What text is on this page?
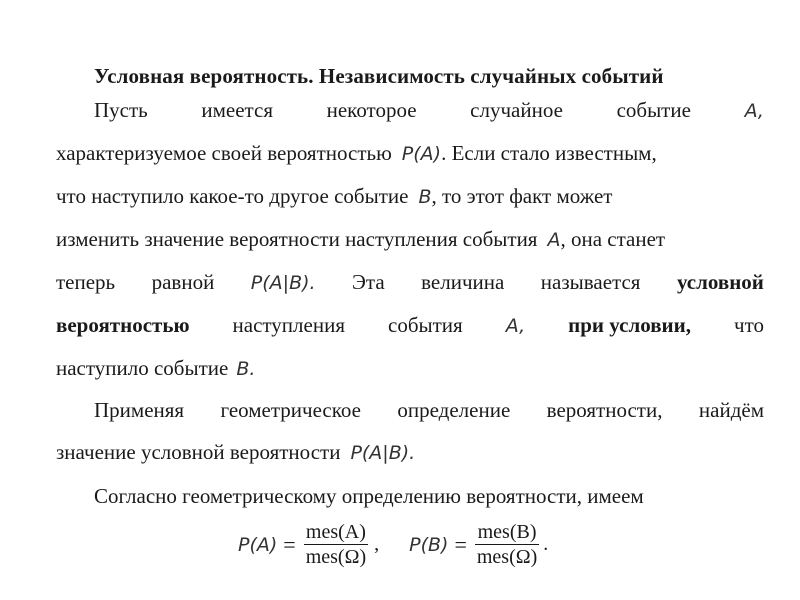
Условная вероятность. Независимость случайных событий
Пусть	имеется	некоторое	случайное	событие	A,
характеризуемое своей вероятностью P(A) . Если стало известным,
что наступило какое-то другое событие B , то этот факт может
изменить значение вероятности наступления события A , она станет
теперь равной P(A|B). Эта величина называется условной
вероятностью наступления события A, при условии, что
наступило событие B.
Применяя геометрическое определение вероятности, найдём
значение условной вероятности P(A|B).
Согласно геометрическому определению вероятности, имеем
$P(A) = \frac{\text{mes(A)}}{\text{mes(Ω)}}$ , $P(B) = \frac{\text{mes(B)}}{\text{mes(Ω)}}$ .
